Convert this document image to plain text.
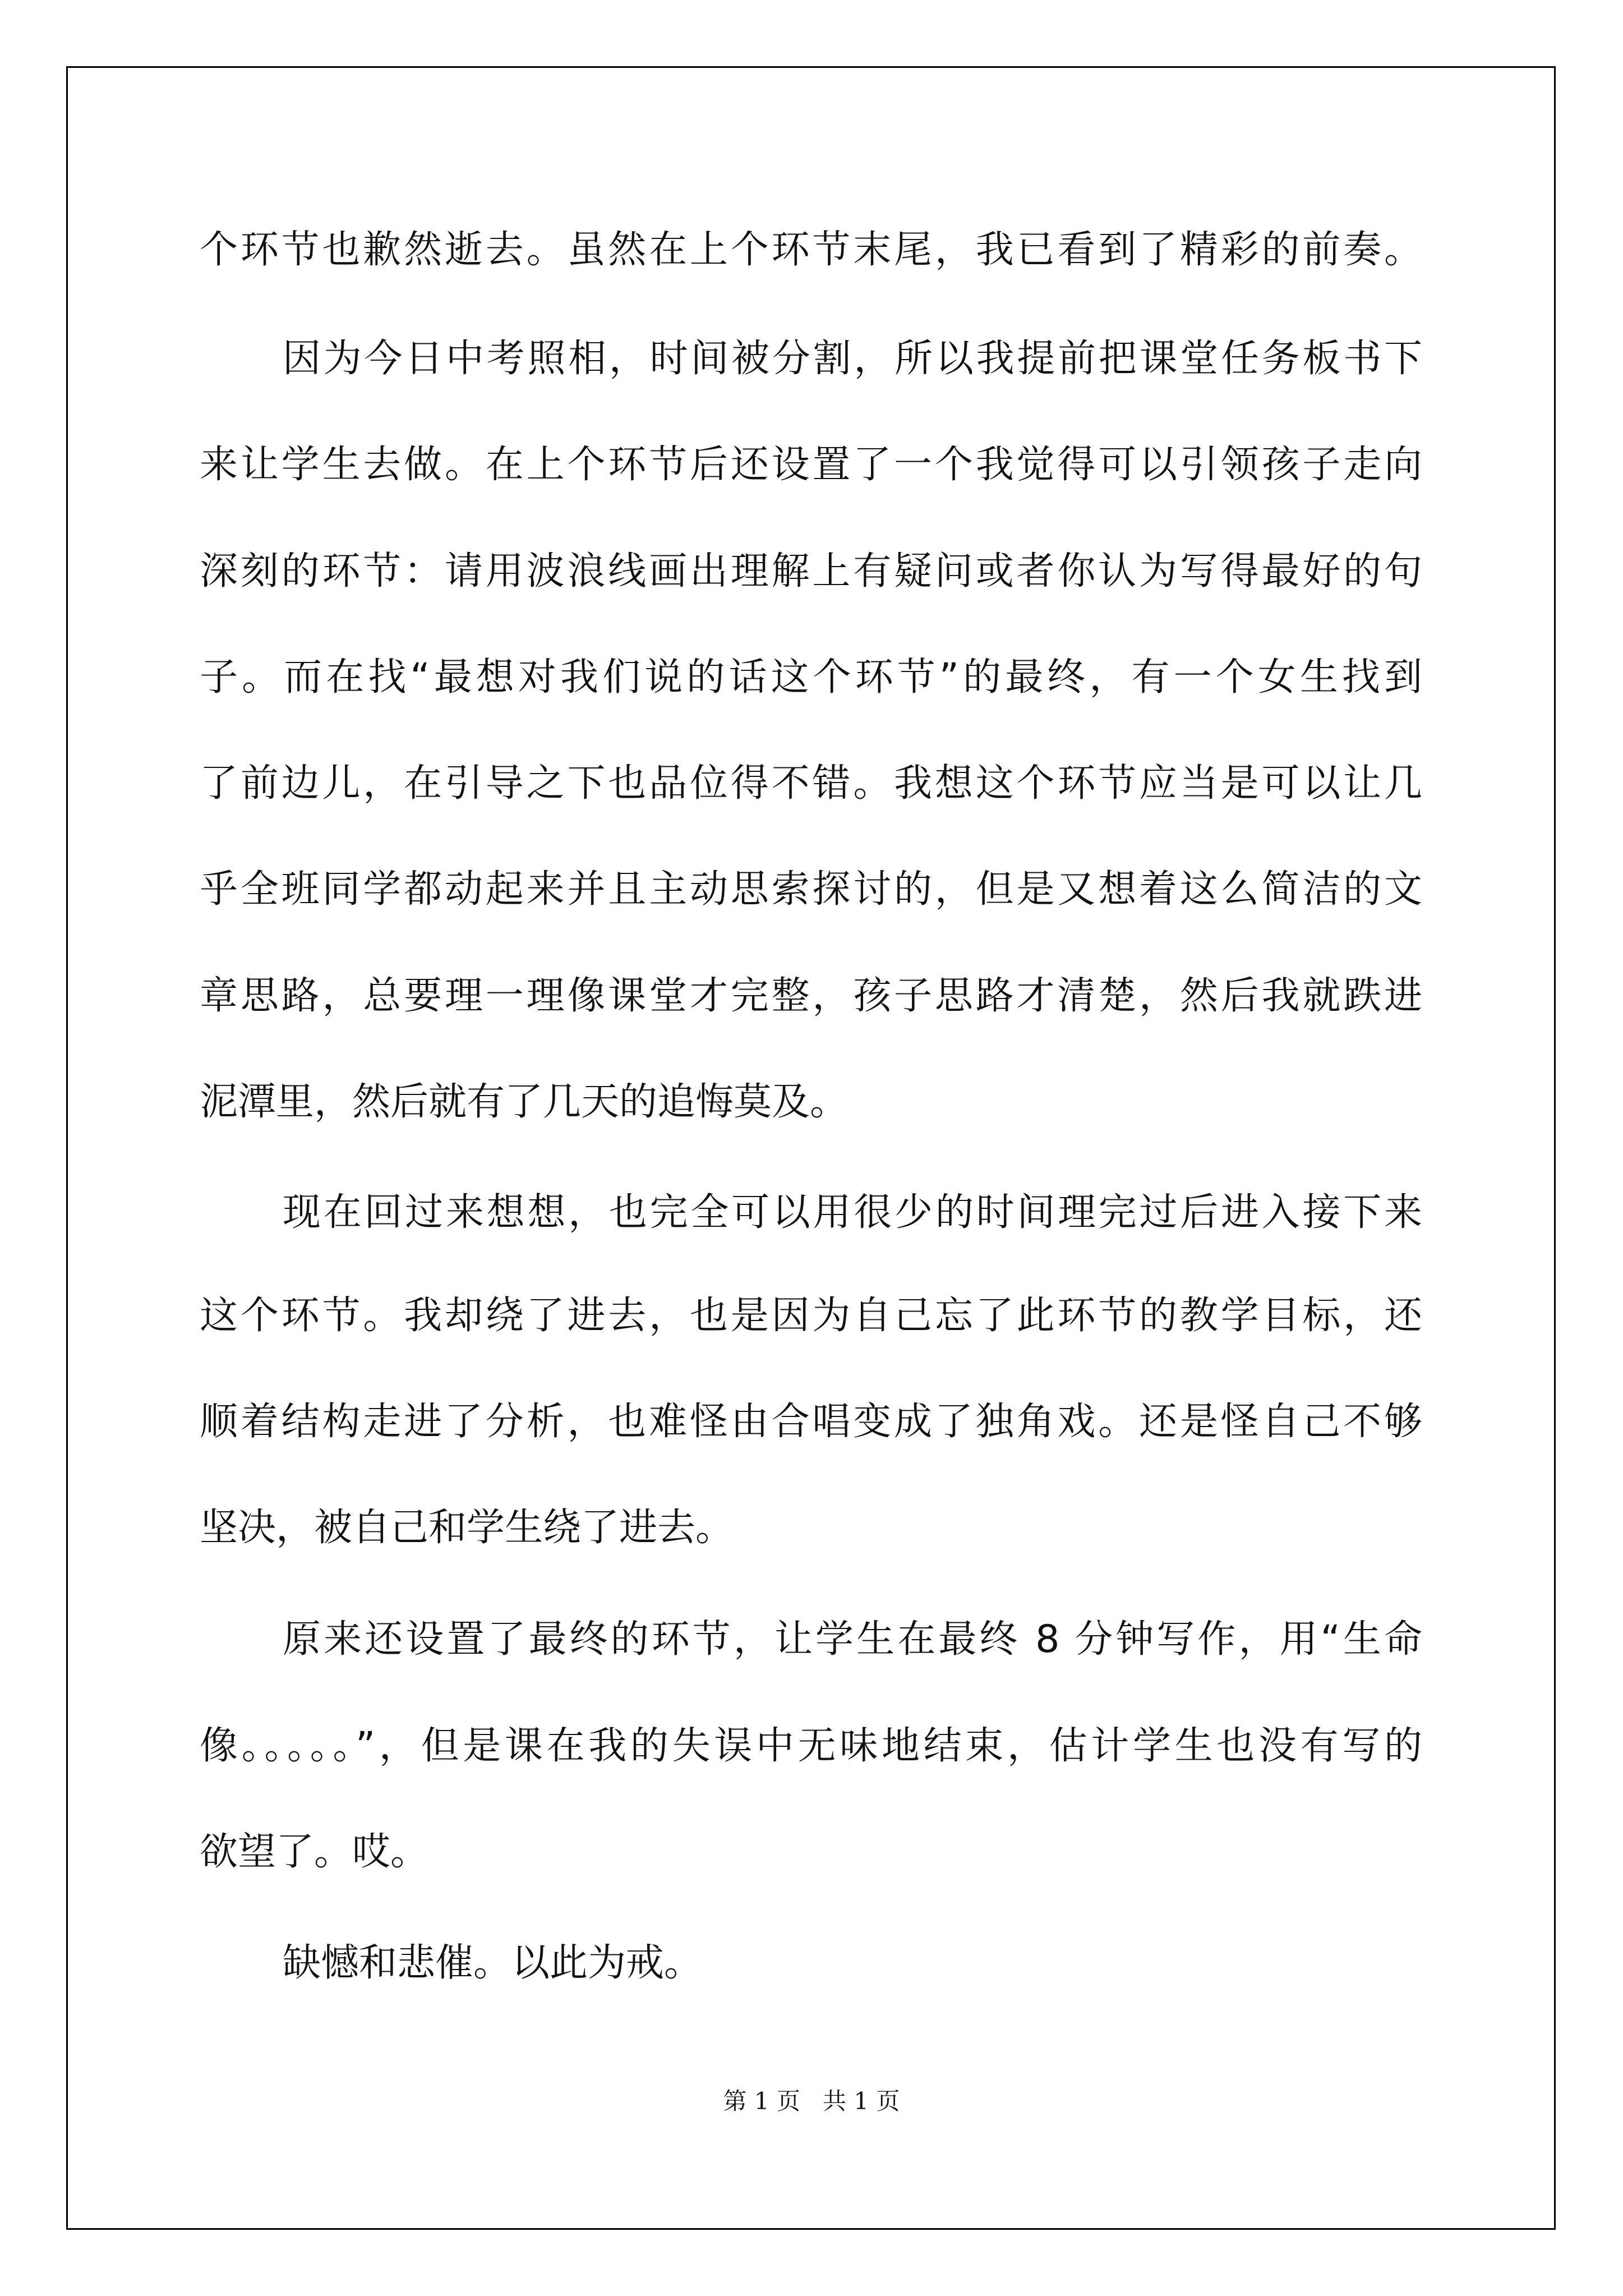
个环节也歉然逝去。虽然在上个环节末尾，我已看到了精彩的前奏。
因为今日中考照相，时间被分割，所以我提前把课堂任务板书下
来让学生去做。在上个环节后还设置了一个我觉得可以引领孩子走向
深刻的环节：请用波浪线画出理解上有疑问或者你认为写得最好的句
子。而在找“最想对我们说的话这个环节”的最终，有一个女生找到
了前边儿，在引导之下也品位得不错。我想这个环节应当是可以让几
乎全班同学都动起来并且主动思索探讨的，但是又想着这么简洁的文
章思路，总要理一理像课堂才完整，孩子思路才清楚，然后我就跌进
泥潭里，然后就有了几天的追悔莫及。
现在回过来想想，也完全可以用很少的时间理完过后进入接下来
这个环节。我却绕了进去，也是因为自己忘了此环节的教学目标，还
顺着结构走进了分析，也难怪由合唱变成了独角戏。还是怪自己不够
坚决，被自己和学生绕了进去。
原来还设置了最终的环节，让学生在最终 8 分钟写作，用“生命
像。。。。。”，但是课在我的失误中无味地结束，估计学生也没有写的
欲望了。哎。
缺憾和悲催。以此为戒。
第 1 页   共 1 页
